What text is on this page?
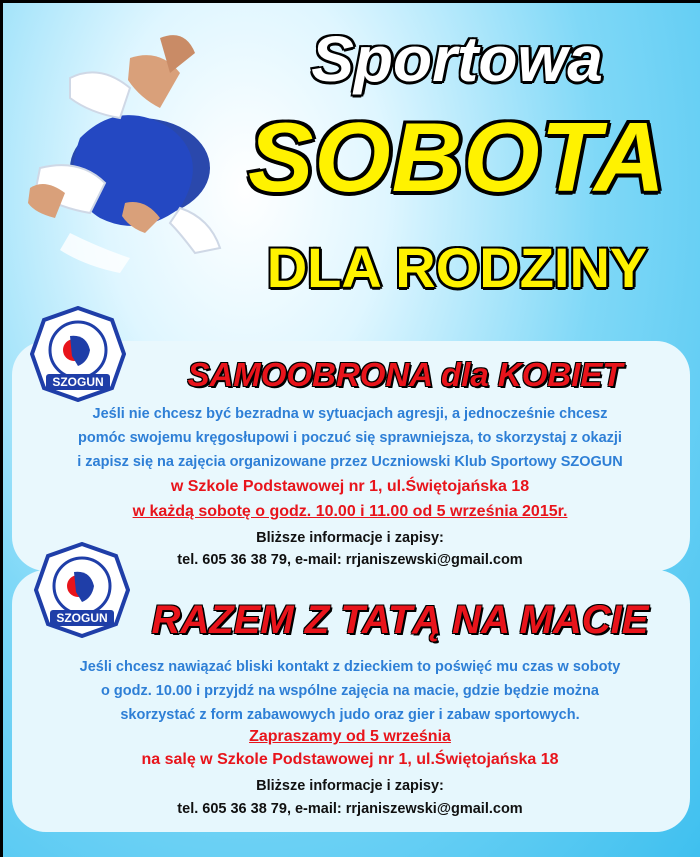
Sportowa
SOBOTA
DLA RODZINY
SZOGUN
SZOGUN
SAMOOBRONA dla KOBIET
Jeśli nie chcesz być bezradna w sytuacjach agresji, a jednocześnie chcesz
pomóc swojemu kręgosłupowi i poczuć się sprawniejsza, to skorzystaj z okazji
i zapisz się na zajęcia organizowane przez Uczniowski Klub Sportowy SZOGUN
w Szkole Podstawowej nr 1, ul.Świętojańska 18
w każdą sobotę o godz. 10.00 i 11.00 od 5 września 2015r.
Bliższe informacje i zapisy:
tel. 605 36 38 79, e-mail: rrjaniszewski@gmail.com
RAZEM Z TATĄ NA MACIE
Jeśli chcesz nawiązać bliski kontakt z dzieckiem to poświęć mu czas w soboty
o godz. 10.00 i przyjdź na wspólne zajęcia na macie, gdzie będzie można
skorzystać z form zabawowych judo oraz gier i zabaw sportowych.
Zapraszamy od 5 września
na salę w Szkole Podstawowej nr 1, ul.Świętojańska 18
Bliższe informacje i zapisy:
tel. 605 36 38 79, e-mail: rrjaniszewski@gmail.com
